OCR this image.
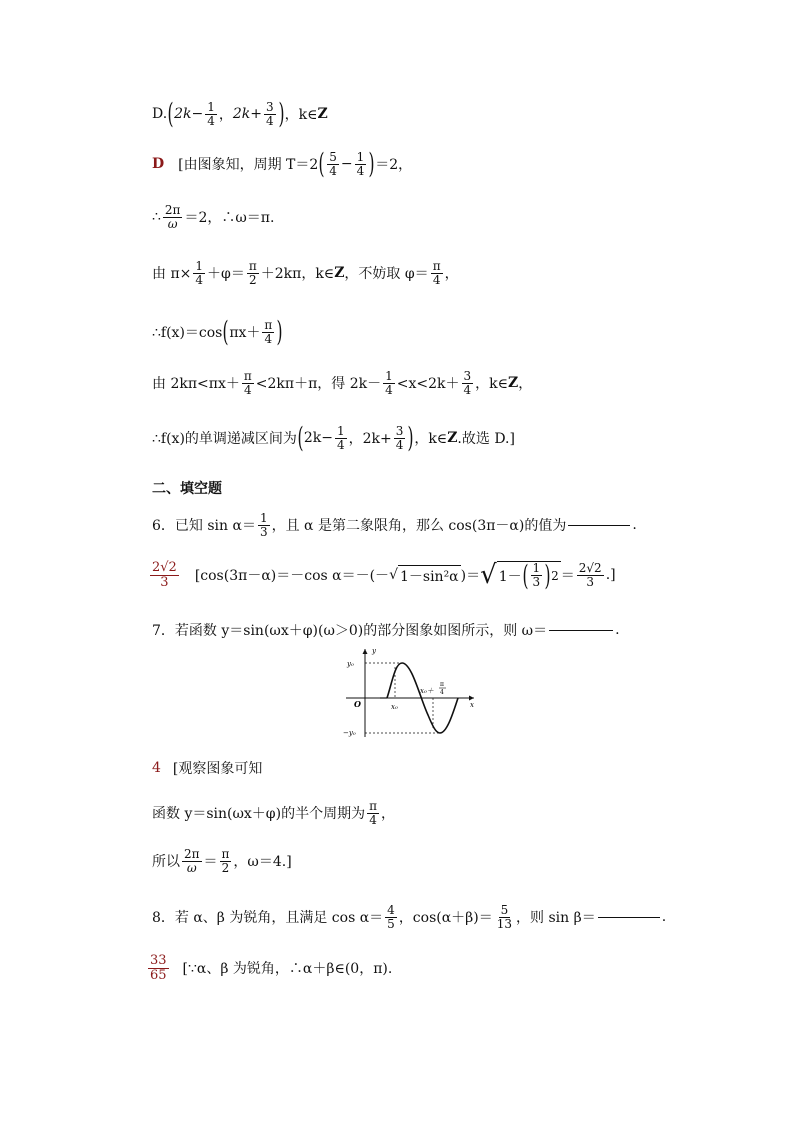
D. ( $2k- \frac{1}{4}$ ， $2k+ \frac{3}{4}$ ) ，k∈ Z
D [由图象知，周期 T＝2 ( $\frac{5}{4} - \frac{1}{4}$ ) ＝2，
∴ $\frac{2\pi}{\omega} =2$，∴ω＝π.
由 $\pi\times \frac{1}{4} +\varphi= \frac{\pi}{2} +2k\pi$，k∈ Z ，不妨取 $\varphi= \frac{\pi}{4}$ ，
∴f(x)＝cos ( $\pi x+ \frac{\pi}{4}$ )
由 $2k\pi<\pi x+ \frac{\pi}{4} <2k\pi+\pi$，得 $2k- \frac{1}{4} <x<2k+ \frac{3}{4}$ ，k∈ Z ，
∴f(x)的单调递减区间为 ( $2k- \frac{1}{4}$ ，$2k+ \frac{3}{4}$ ) ，k∈ Z .故选 D.]
二、填空题
6．已知 $\sin \alpha= \frac{1}{3}$ ，且 α 是第二象限角，那么 cos(3π－α)的值为	.
$\frac{2√2}{3} [\cos(3\pi-\alpha)=-\cos$ α＝－(－ √ 1－sin²α )＝ √ 1－ ( $\frac{1}{3}$ ) $2 = \frac{2√2}{3}$ .]
7．若函数 y＝sin(ωx＋φ)(ω＞0)的部分图象如图所示，则 ω＝	.
y
y₀
−y₀
O	x₀
x₀＋
π
4
x
4 [观察图象可知
函数 y＝sin(ωx＋φ)的半个周期为 $\frac{\pi}{4}$ ，
所以 $\frac{2\pi}{\omega} = \frac{\pi}{2}$ ，ω＝4.]
8．若 α、β 为锐角，且满足 $\cos \alpha= \frac{4}{5}$ ，$\cos(\alpha+\beta)= \frac{5}{13}$ ，则 sin β＝	.
$\frac{33}{65}$ [∵α、β 为锐角，∴α＋β∈(0，π).
